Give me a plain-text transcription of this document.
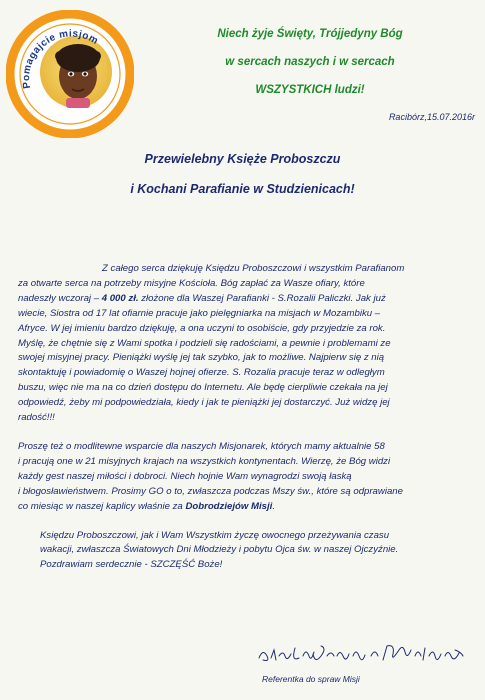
Pomagajcie misjom	Niech żyje Święty, Trójjedyny Bóg
w sercach naszych i w sercach
WSZYSTKICH ludzi!
Racibórz,15.07.2016r
Przewielebny Księże Proboszczu
i Kochani Parafianie w Studzienicach!
Z całego serca dziękuję Księdzu Proboszczowi i wszystkim Parafianom
za otwarte serca na potrzeby misyjne Kościoła. Bóg zapłać za Wasze ofiary, które
nadeszły wczoraj – 4 000 zł. złożone dla Waszej Parafianki - S.Rozalii Paliczki. Jak już
wiecie, Siostra od 17 lat ofiarnie pracuje jako pielęgniarka na misjach w Mozambiku –
Afryce. W jej imieniu bardzo dziękuję, a ona uczyni to osobiście, gdy przyjedzie za rok.
Myślę, że chętnie się z Wami spotka i podzieli się radościami, a pewnie i problemami ze
swojej misyjnej pracy. Pieniążki wyślę jej tak szybko, jak to możliwe. Najpierw się z nią
skontaktuję i powiadomię o Waszej hojnej ofierze. S. Rozalia pracuje teraz w odległym
buszu, więc nie ma na co dzień dostępu do Internetu. Ale będę cierpliwie czekała na jej
odpowiedź, żeby mi podpowiedziała, kiedy i jak te pieniążki jej dostarczyć. Już widzę jej
radość!!!
Proszę też o modlitewne wsparcie dla naszych Misjonarek, których mamy aktualnie 58
i pracują one w 21 misyjnych krajach na wszystkich kontynentach. Wierzę, że Bóg widzi
każdy gest naszej miłości i dobroci. Niech hojnie Wam wynagrodzi swoją łaską
i błogosławieństwem. Prosimy GO o to, zwłaszcza podczas Mszy św., które są odprawiane
co miesiąc w naszej kaplicy właśnie za Dobrodziejów Misji.
Księdzu Proboszczowi, jak i Wam Wszystkim życzę owocnego przeżywania czasu
wakacji, zwłaszcza Światowych Dni Młodzieży i pobytu Ojca św. w naszej Ojczyźnie.
Pozdrawiam serdecznie - SZCZĘŚĆ Boże!
Referentka do spraw Misji
